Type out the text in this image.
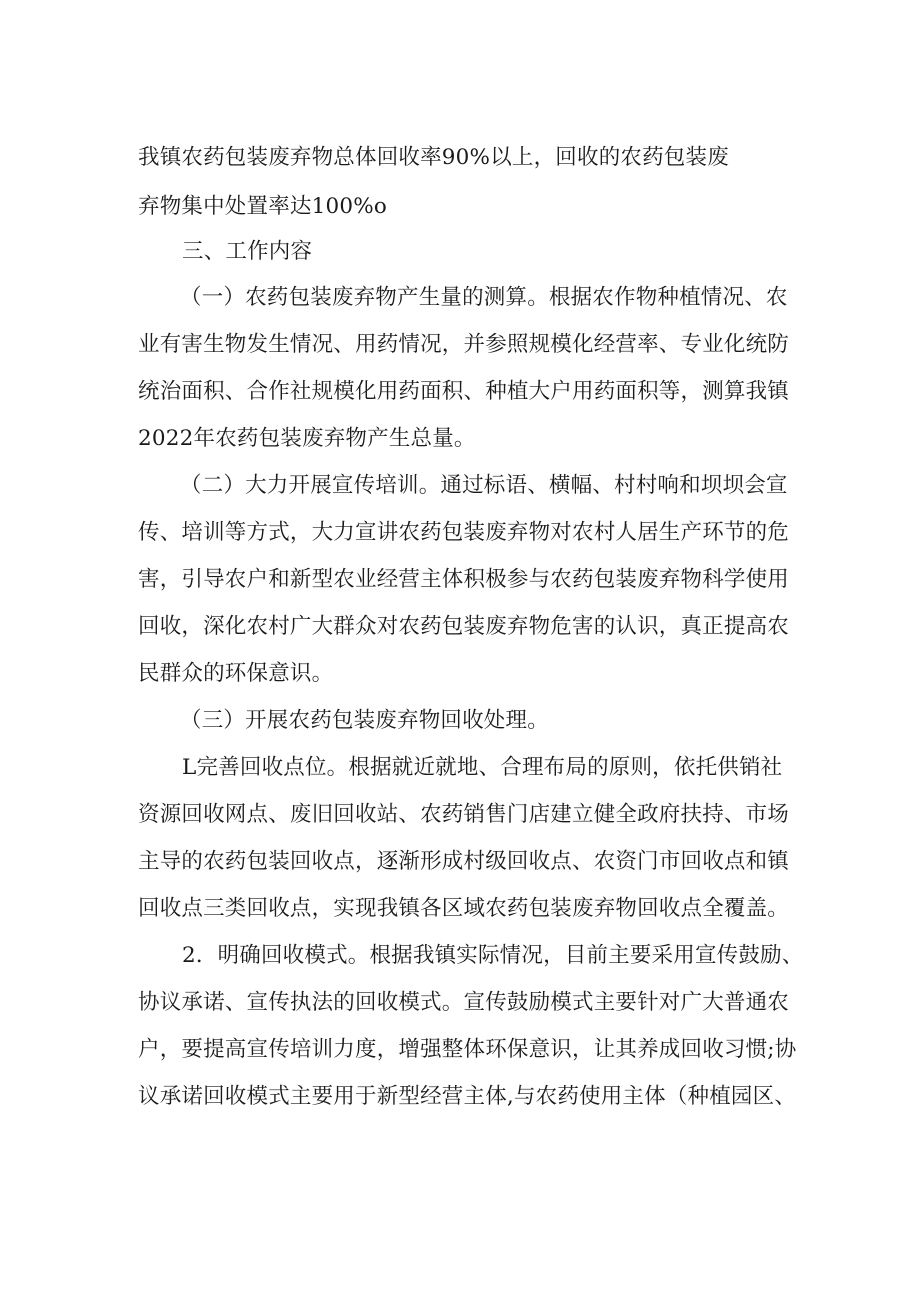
我镇农药包装废弃物总体回收率90%以上，回收的农药包装废
弃物集中处置率达100%o
三、工作内容
（一）农药包装废弃物产生量的测算。根据农作物种植情况、农
业有害生物发生情况、用药情况，并参照规模化经营率、专业化统防
统治面积、合作社规模化用药面积、种植大户用药面积等，测算我镇
2022年农药包装废弃物产生总量。
（二）大力开展宣传培训。通过标语、横幅、村村响和坝坝会宣
传、培训等方式，大力宣讲农药包装废弃物对农村人居生产环节的危
害，引导农户和新型农业经营主体积极参与农药包装废弃物科学使用
回收，深化农村广大群众对农药包装废弃物危害的认识，真正提高农
民群众的环保意识。
（三）开展农药包装废弃物回收处理。
L完善回收点位。根据就近就地、合理布局的原则，依托供销社
资源回收网点、废旧回收站、农药销售门店建立健全政府扶持、市场
主导的农药包装回收点，逐渐形成村级回收点、农资门市回收点和镇
回收点三类回收点，实现我镇各区域农药包装废弃物回收点全覆盖。
2．明确回收模式。根据我镇实际情况，目前主要采用宣传鼓励、
协议承诺、宣传执法的回收模式。宣传鼓励模式主要针对广大普通农
户，要提高宣传培训力度，增强整体环保意识，让其养成回收习惯;协
议承诺回收模式主要用于新型经营主体,与农药使用主体（种植园区、
